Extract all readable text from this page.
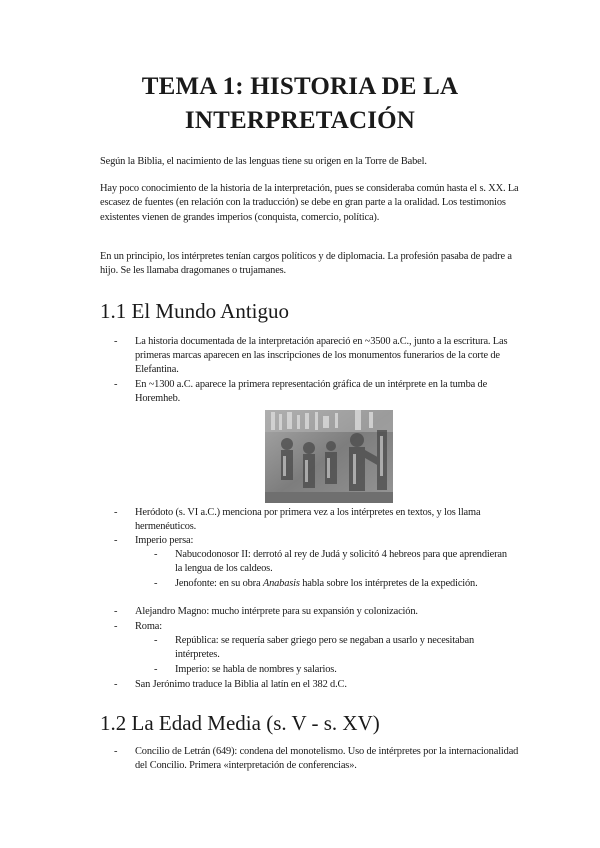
TEMA 1: HISTORIA DE LA
INTERPRETACIÓN

Según la Biblia, el nacimiento de las lenguas tiene su origen en la Torre de Babel.

Hay poco conocimiento de la historia de la interpretación, pues se consideraba común hasta el s. XX. La escasez de fuentes (en relación con la traducción) se debe en gran parte a la oralidad. Los testimonios existentes vienen de grandes imperios (conquista, comercio, política).

En un principio, los intérpretes tenían cargos políticos y de diplomacia. La profesión pasaba de padre a hijo. Se les llamaba dragomanes o trujamanes.

1.1 El Mundo Antiguo
- La historia documentada de la interpretación apareció en ~3500 a.C., junto a la escritura. Las primeras marcas aparecen en las inscripciones de los monumentos funerarios de la corte de Elefantina.
- En ~1300 a.C. aparece la primera representación gráfica de un intérprete en la tumba de Horemheb.
- Heródoto (s. VI a.C.) menciona por primera vez a los intérpretes en textos, y los llama hermenéuticos.
- Imperio persa:
- Nabucodonosor II: derrotó al rey de Judá y solicitó 4 hebreos para que aprendieran la lengua de los caldeos.
- Jenofonte: en su obra Anabasis habla sobre los intérpretes de la expedición.
- Alejandro Magno: mucho intérprete para su expansión y colonización.
- Roma:
- República: se requería saber griego pero se negaban a usarlo y necesitaban intérpretes.
- Imperio: se habla de nombres y salarios.
- San Jerónimo traduce la Biblia al latín en el 382 d.C.
1.2 La Edad Media (s. V - s. XV)
- Concilio de Letrán (649): condena del monotelismo. Uso de intérpretes por la internacionalidad del Concilio. Primera «interpretación de conferencias».
